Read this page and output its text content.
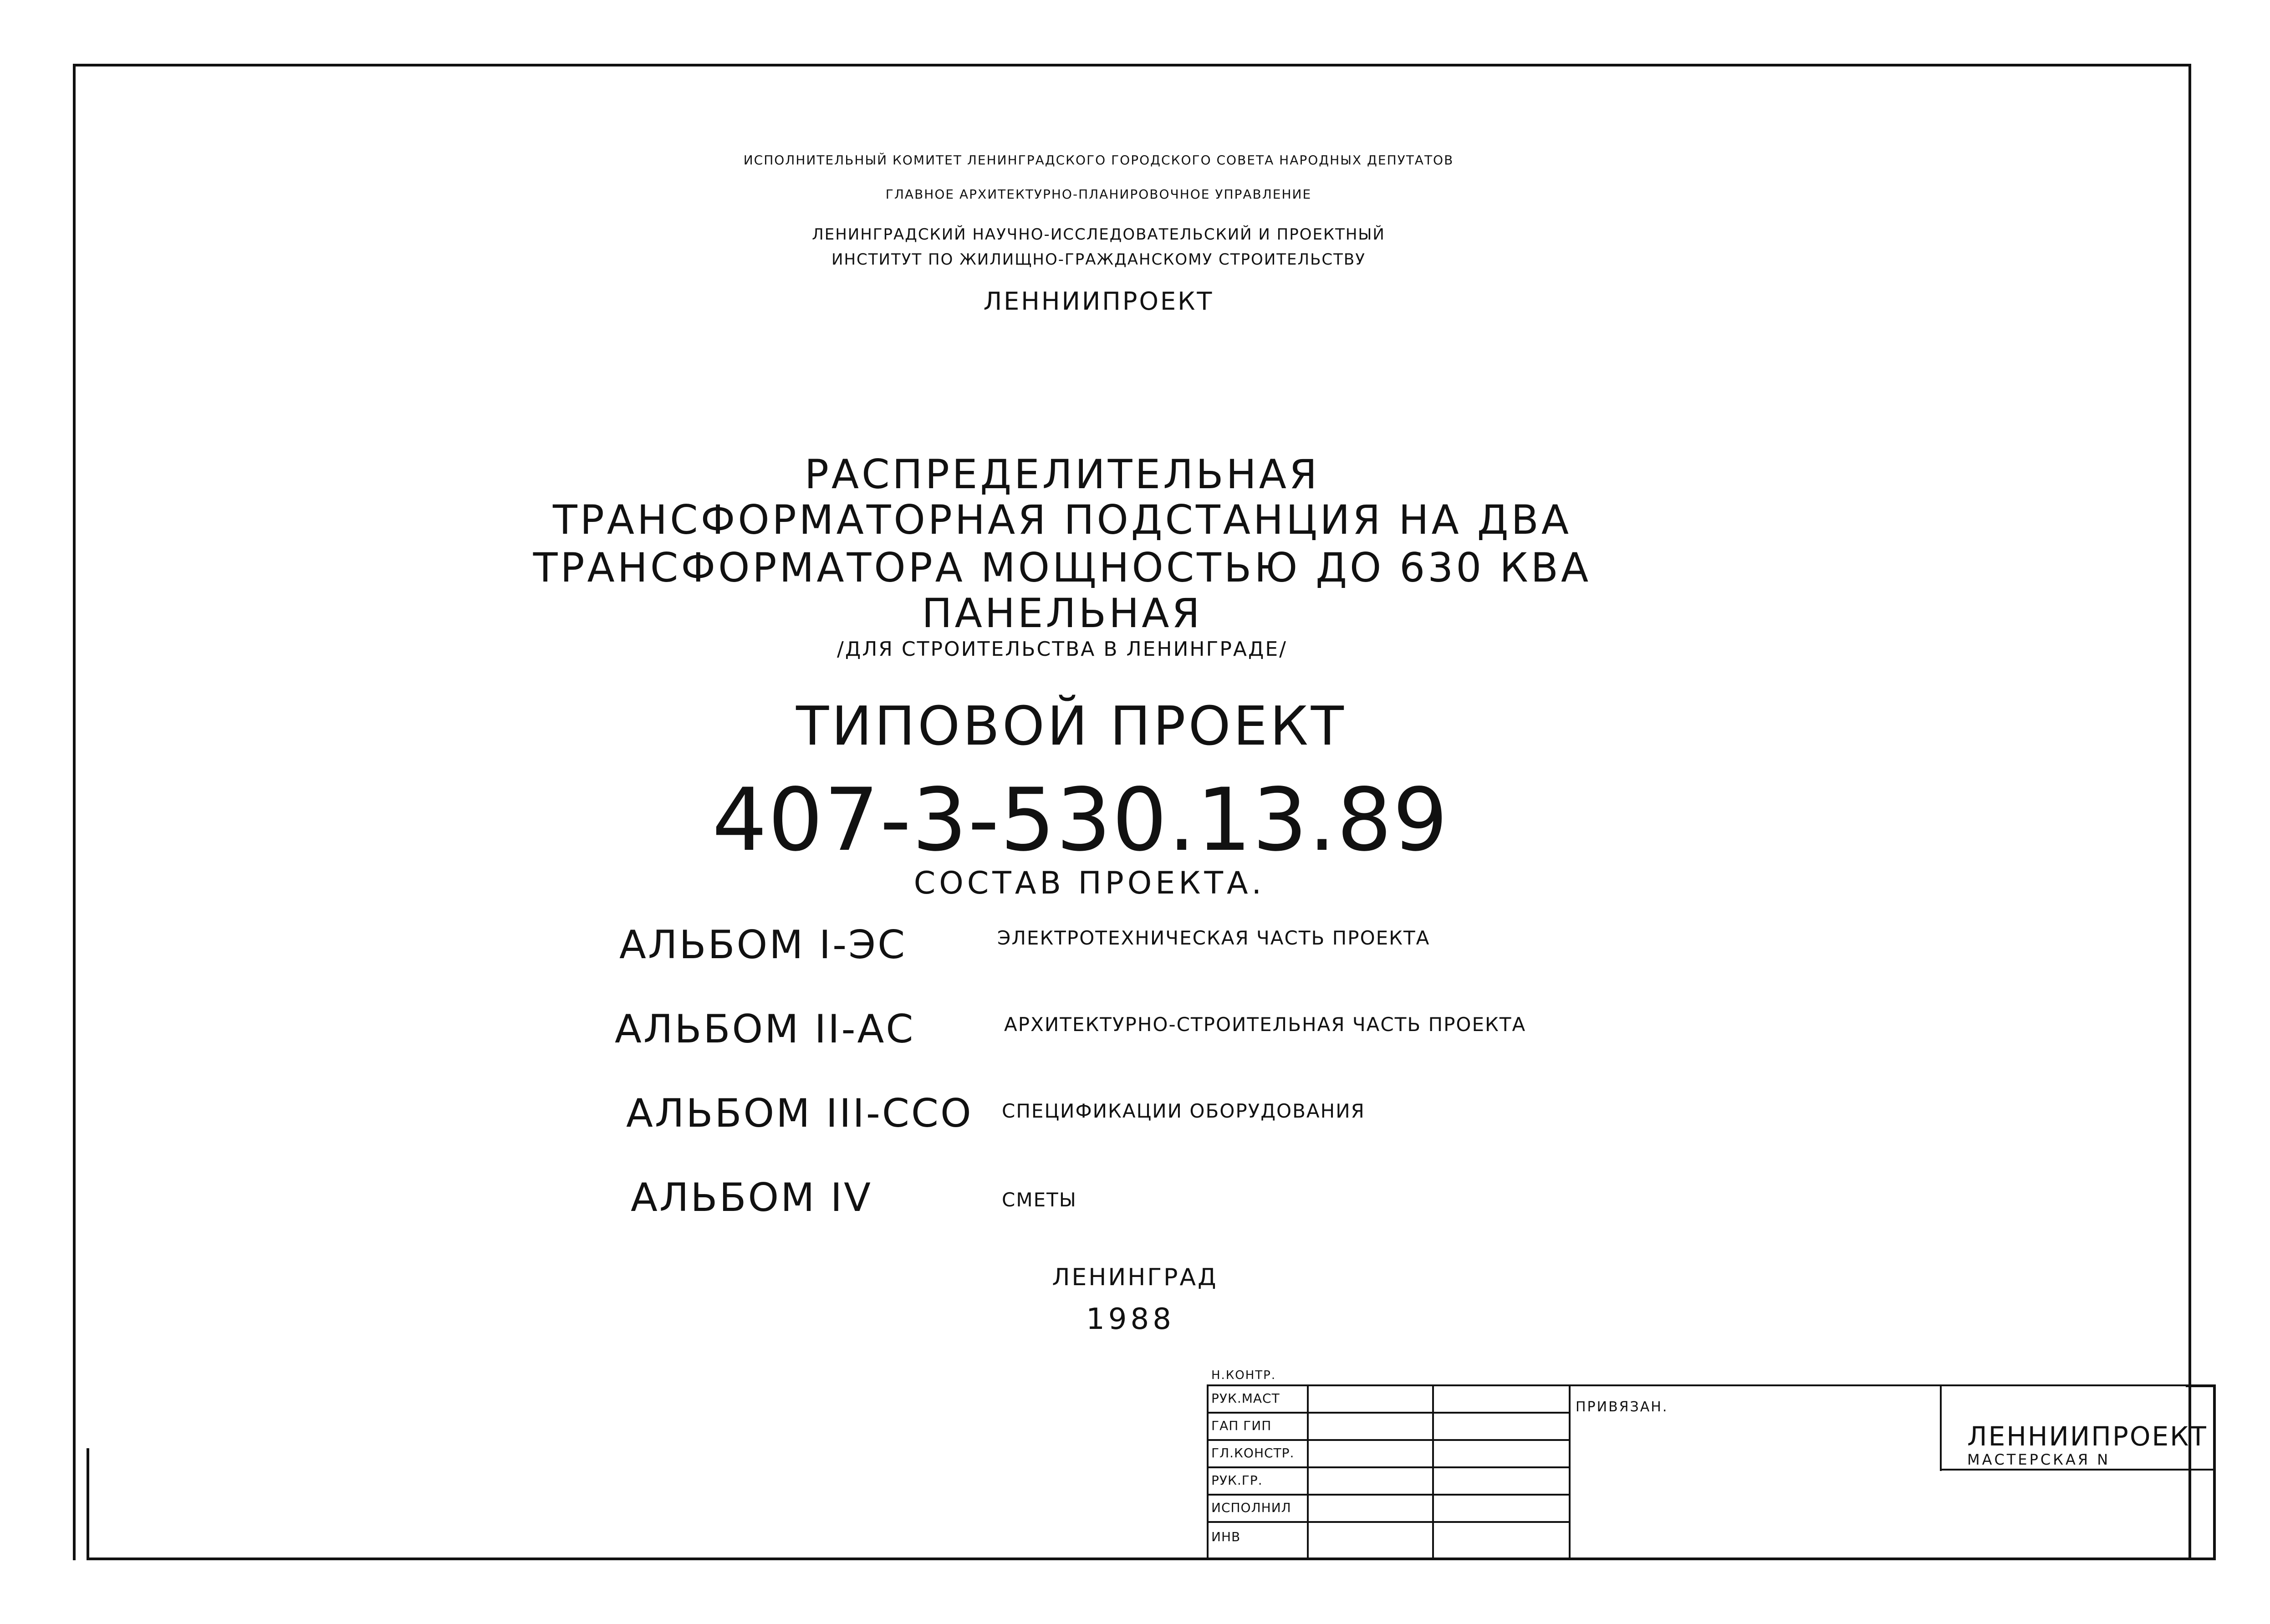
ИСПОЛНИТЕЛЬНЫЙ КОМИТЕТ ЛЕНИНГРАДСКОГО ГОРОДСКОГО СОВЕТА НАРОДНЫХ ДЕПУТАТОВ
ГЛАВНОЕ АРХИТЕКТУРНО-ПЛАНИРОВОЧНОЕ УПРАВЛЕНИЕ
ЛЕНИНГРАДСКИЙ НАУЧНО-ИССЛЕДОВАТЕЛЬСКИЙ И ПРОЕКТНЫЙ
ИНСТИТУТ ПО ЖИЛИЩНО-ГРАЖДАНСКОМУ СТРОИТЕЛЬСТВУ
ЛЕННИИПРОЕКТ
РАСПРЕДЕЛИТЕЛЬНАЯ
ТРАНСФОРМАТОРНАЯ ПОДСТАНЦИЯ НА ДВА
ТРАНСФОРМАТОРА МОЩНОСТЬЮ ДО 630 КВА
ПАНЕЛЬНАЯ
/ДЛЯ СТРОИТЕЛЬСТВА В ЛЕНИНГРАДЕ/
ТИПОВОЙ ПРОЕКТ
407-3-530.13.89
СОСТАВ ПРОЕКТА.
АЛЬБОМ I-ЭС	ЭЛЕКТРОТЕХНИЧЕСКАЯ ЧАСТЬ ПРОЕКТА
АЛЬБОМ II-АС	АРХИТЕКТУРНО-СТРОИТЕЛЬНАЯ ЧАСТЬ ПРОЕКТА
АЛЬБОМ III-ССО СПЕЦИФИКАЦИИ ОБОРУДОВАНИЯ
АЛЬБОМ IV	СМЕТЫ
ЛЕНИНГРАД
1988
Н.КОНТР.
РУК.МАСТ
ГАП ГИП
ГЛ.КОНСТР.
РУК.ГР.
ИСПОЛНИЛ
ИНВ
ПРИВЯЗАН.
ЛЕННИИПРОЕКТ
МАСТЕРСКАЯ N
